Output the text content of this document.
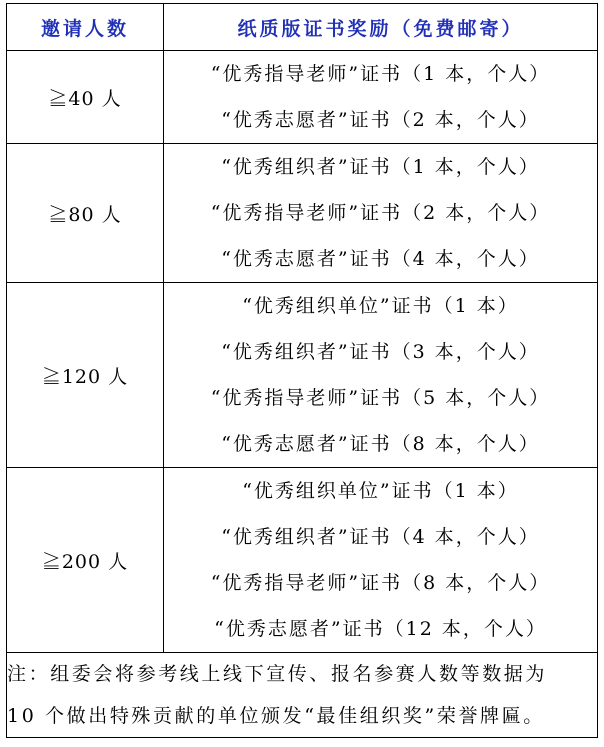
邀请人数	纸质版证书奖励（免费邮寄）
≧40 人	“优秀指导老师”证书（1 本，个人）
“优秀志愿者”证书（2 本，个人）

≧80 人	“优秀组织者”证书（1 本，个人）
“优秀指导老师”证书（2 本，个人）
“优秀志愿者”证书（4 本，个人）

≧120 人	“优秀组织单位”证书（1 本）
“优秀组织者”证书（3 本，个人）
“优秀指导老师”证书（5 本，个人）
“优秀志愿者”证书（8 本，个人）

≧200 人	“优秀组织单位”证书（1 本）
“优秀组织者”证书（4 本，个人）
“优秀指导老师”证书（8 本，个人）
“优秀志愿者”证书（12 本，个人）

注：组委会将参考线上线下宣传、报名参赛人数等数据为
10 个做出特殊贡献的单位颁发“最佳组织奖”荣誉牌匾。	
